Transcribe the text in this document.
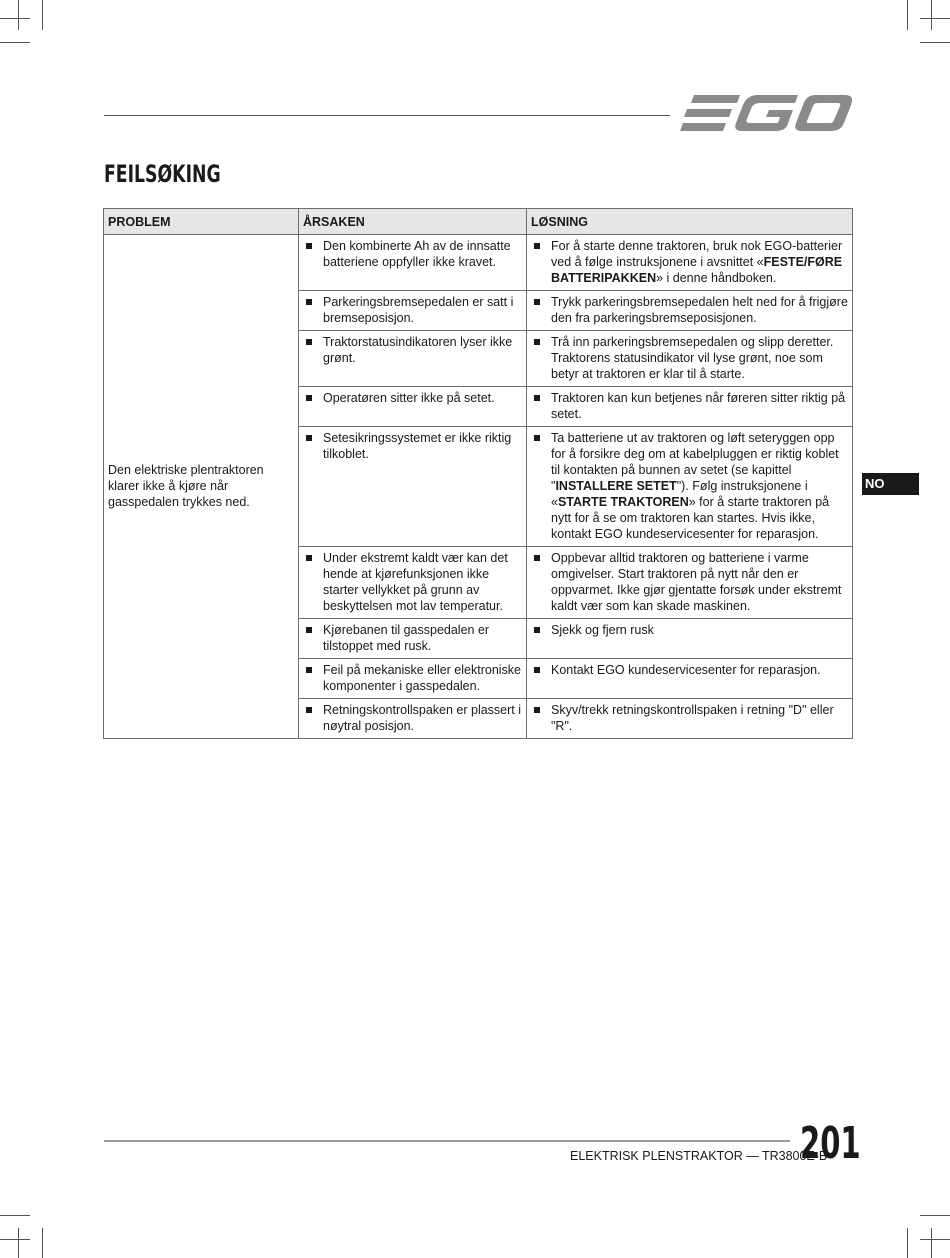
FEILSØKING
PROBLEM	ÅRSAKEN	LØSNING
Den elektriske plentraktoren klarer ikke å kjøre når gasspedalen trykkes ned.	Den kombinerte Ah av de innsatte batteriene oppfyller ikke kravet.	For å starte denne traktoren, bruk nok EGO-batterier ved å følge instruksjonene i avsnittet «FESTE/FØRE BATTERIPAKKEN» i denne håndboken.

	Parkeringsbremsepedalen er satt i bremseposisjon.	Trykk parkeringsbremsepedalen helt ned for å frigjøre den fra parkeringsbremseposisjonen.

	Traktorstatusindikatoren lyser ikke grønt.	Trå inn parkeringsbremsepedalen og slipp deretter. Traktorens statusindikator vil lyse grønt, noe som betyr at traktoren er klar til å starte.

	Operatøren sitter ikke på setet.	Traktoren kan kun betjenes når føreren sitter riktig på setet.

	Setesikringssystemet er ikke riktig tilkoblet.	Ta batteriene ut av traktoren og løft seteryggen opp for å forsikre deg om at kabelpluggen er riktig koblet til kontakten på bunnen av setet (se kapittel "INSTALLERE SETET"). Følg instruksjonene i «STARTE TRAKTOREN» for å starte traktoren på nytt for å se om traktoren kan startes. Hvis ikke, kontakt EGO kundeservicesenter for reparasjon.

	Under ekstremt kaldt vær kan det hende at kjørefunksjonen ikke starter vellykket på grunn av beskyttelsen mot lav temperatur.	Oppbevar alltid traktoren og batteriene i varme omgivelser. Start traktoren på nytt når den er oppvarmet. Ikke gjør gjentatte forsøk under ekstremt kaldt vær som kan skade maskinen.

	Kjørebanen til gasspedalen er tilstoppet med rusk.	Sjekk og fjern rusk

	Feil på mekaniske eller elektroniske komponenter i gasspedalen.	Kontakt EGO kundeservicesenter for reparasjon.

	Retningskontrollspaken er plassert i nøytral posisjon.	Skyv/trekk retningskontrollspaken i retning "D" eller "R".
NO
ELEKTRISK PLENSTRAKTOR — TR3800E-B
201
